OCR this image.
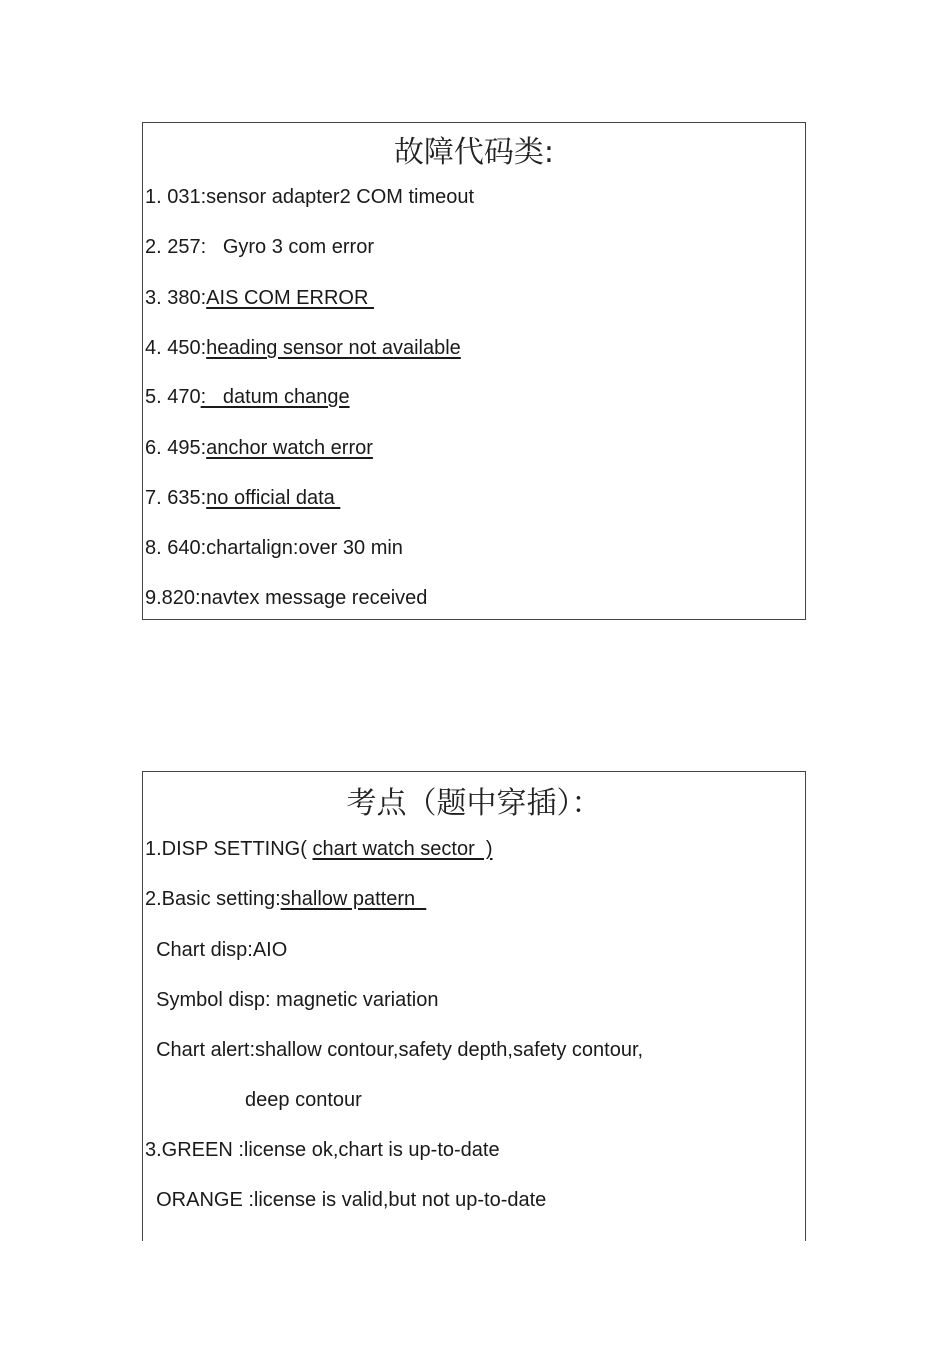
故障代码类:
1. 031:sensor adapter2 COM timeout
2. 257:   Gyro 3 com error
3. 380:AIS COM ERROR
4. 450:heading sensor not available
5. 470:   datum change
6. 495:anchor watch error
7. 635:no official data
8. 640:chartalign:over 30 min
9.820:navtex message received
考点（题中穿插）：
1.DISP SETTING( chart watch sector  )
2.Basic setting:shallow pattern
Chart disp:AIO
Symbol disp: magnetic variation
Chart alert:shallow contour,safety depth,safety contour,
deep contour
3.GREEN :license ok,chart is up-to-date
ORANGE :license is valid,but not up-to-date
